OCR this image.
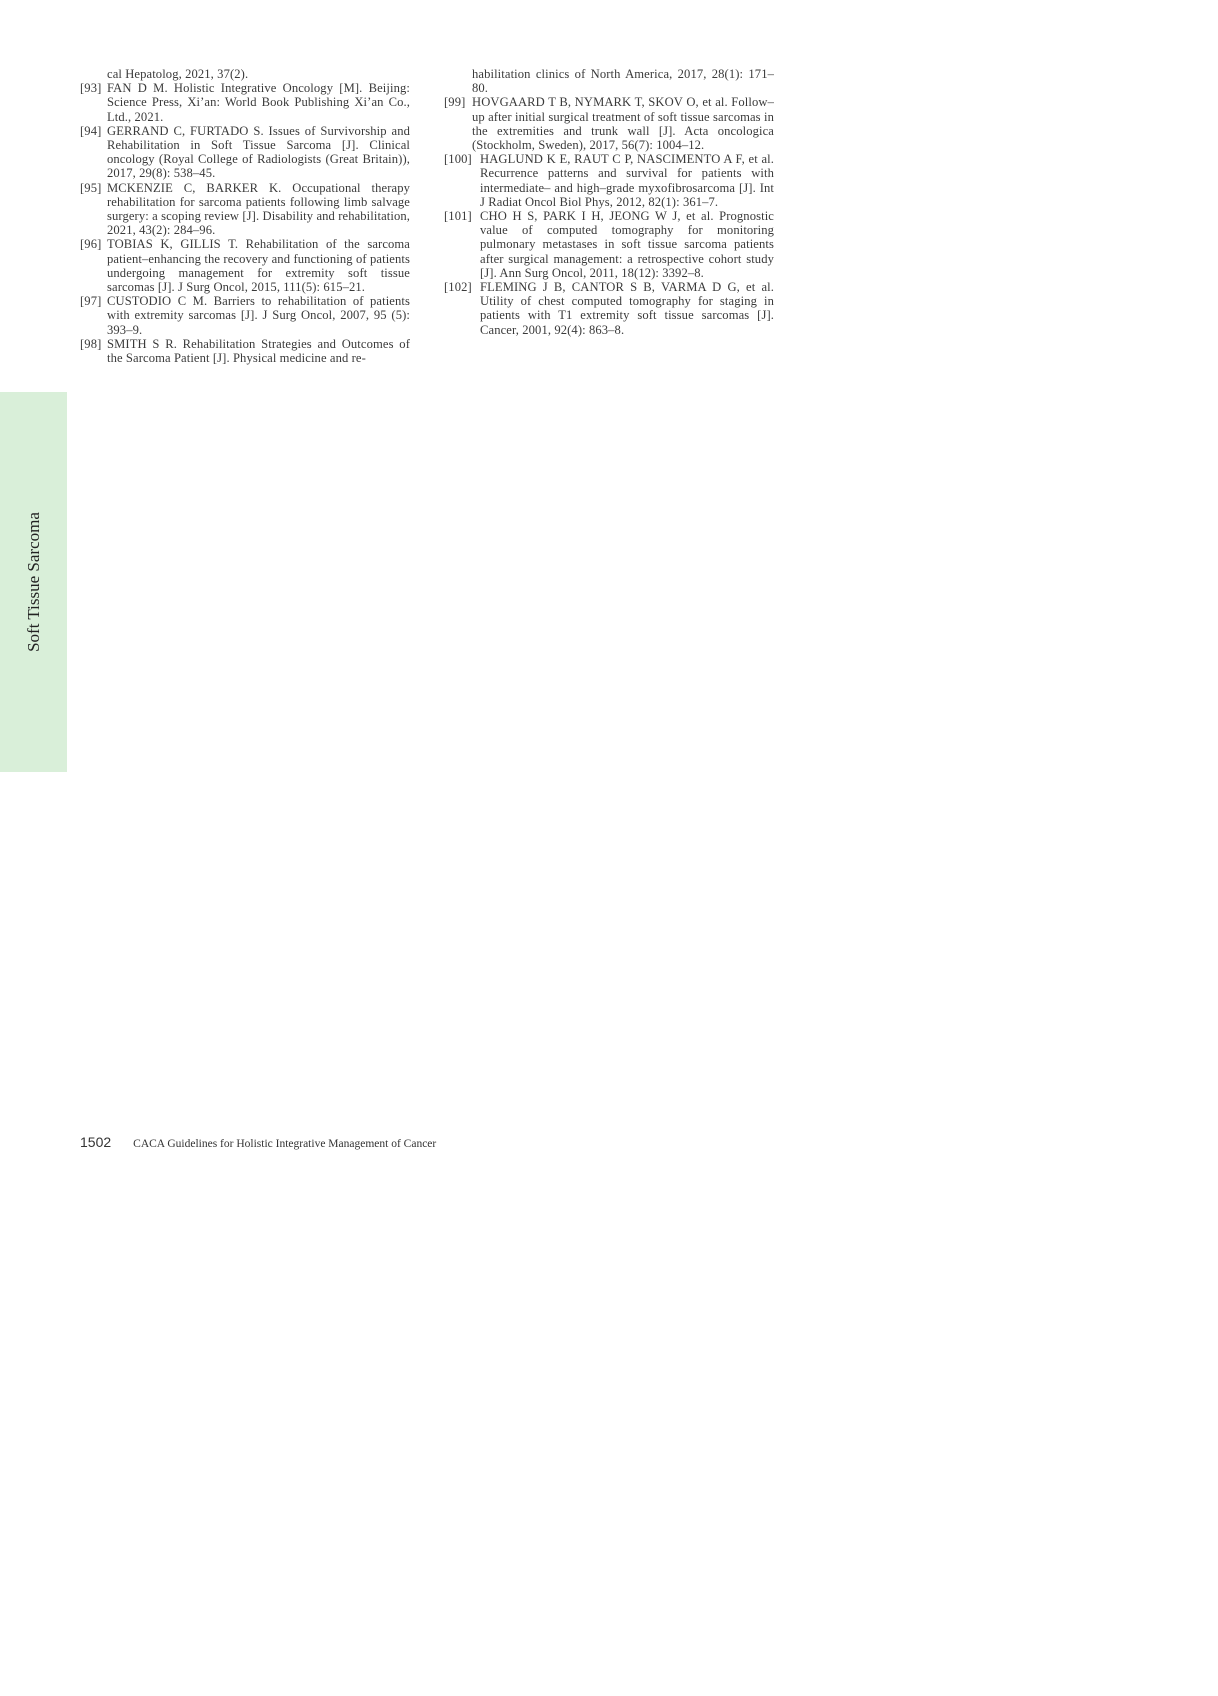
Soft Tissue Sarcoma

cal Hepatolog, 2021, 37(2).

[93] FAN D M. Holistic Integrative Oncology [M]. Beijing: Science Press, Xi’an: World Book Publishing Xi’an Co., Ltd., 2021.

[94] GERRAND C, FURTADO S. Issues of Survivorship and Rehabilitation in Soft Tissue Sarcoma [J]. Clinical oncology (Royal College of Radiologists (Great Britain)), 2017, 29(8): 538–45.

[95] MCKENZIE C, BARKER K. Occupational therapy rehabilitation for sarcoma patients following limb salvage surgery: a scoping review [J]. Disability and rehabilitation, 2021, 43(2): 284–96.

[96] TOBIAS K, GILLIS T. Rehabilitation of the sarcoma patient–enhancing the recovery and functioning of patients undergoing management for extremity soft tissue sarcomas [J]. J Surg Oncol, 2015, 111(5): 615–21.

[97] CUSTODIO C M. Barriers to rehabilitation of patients with extremity sarcomas [J]. J Surg Oncol, 2007, 95 (5): 393–9.

[98] SMITH S R. Rehabilitation Strategies and Outcomes of the Sarcoma Patient [J]. Physical medicine and re-

habilitation clinics of North America, 2017, 28(1): 171–80.

[99] HOVGAARD T B, NYMARK T, SKOV O, et al. Follow–up after initial surgical treatment of soft tissue sarcomas in the extremities and trunk wall [J]. Acta oncologica (Stockholm, Sweden), 2017, 56(7): 1004–12.

[100] HAGLUND K E, RAUT C P, NASCIMENTO A F, et al. Recurrence patterns and survival for patients with intermediate– and high–grade myxofibrosarcoma [J]. Int J Radiat Oncol Biol Phys, 2012, 82(1): 361–7.

[101] CHO H S, PARK I H, JEONG W J, et al. Prognostic value of computed tomography for monitoring pulmonary metastases in soft tissue sarcoma patients after surgical management: a retrospective cohort study [J]. Ann Surg Oncol, 2011, 18(12): 3392–8.

[102] FLEMING J B, CANTOR S B, VARMA D G, et al. Utility of chest computed tomography for staging in patients with T1 extremity soft tissue sarcomas [J]. Cancer, 2001, 92(4): 863–8.

1502 CACA Guidelines for Holistic Integrative Management of Cancer
